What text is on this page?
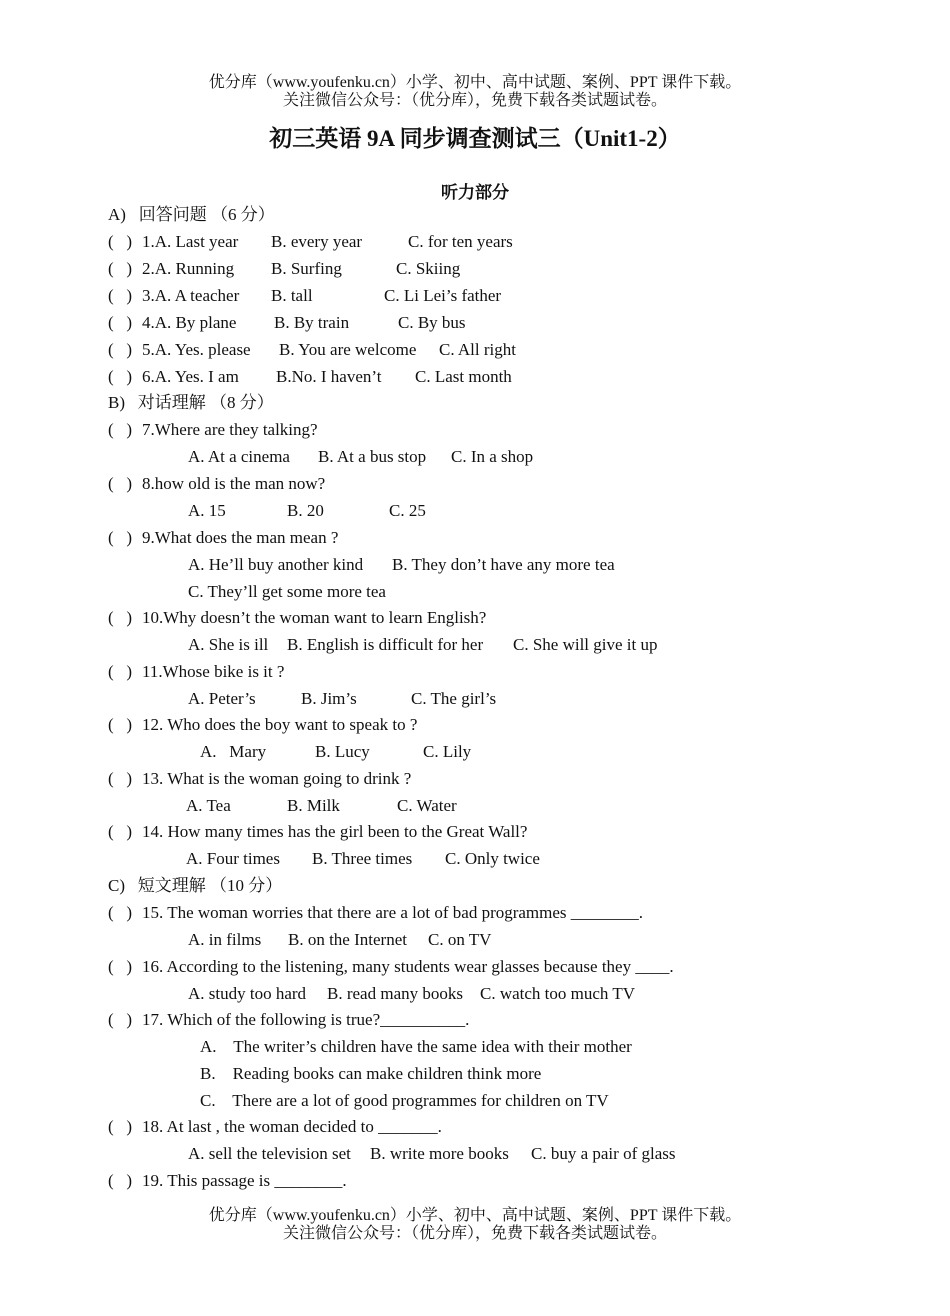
优分库（www.youfenku.cn）小学、初中、高中试题、案例、PPT 课件下载。
关注微信公众号：（优分库），免费下载各类试题试卷。
初三英语 9A 同步调查测试三（Unit1-2）
听力部分
A)   回答问题 （6 分）
(   ) 1.A. Last year B. every year	C. for ten years
(   ) 2.A. Running B. Surfing	C. Skiing
(   ) 3.A. A teacher B. tall	C. Li Lei’s father
(   ) 4.A. By plane B. By train	C. By bus
(   ) 5.A. Yes. please B. You are welcome C. All right
(   ) 6.A. Yes. I am B.No. I haven’t C. Last month
B)   对话理解 （8 分）
(   ) 7.Where are they talking?
A. At a cinema B. At a bus stop C. In a shop
(   ) 8.how old is the man now?
A. 15	B. 20	C. 25
(   ) 9.What does the man mean ?
A. He’ll buy another kind B. They don’t have any more tea
C. They’ll get some more tea
(   ) 10.Why doesn’t the woman want to learn English?
A. She is ill B. English is difficult for her C. She will give it up
(   ) 11.Whose bike is it ?
A. Peter’s	B. Jim’s	C. The girl’s
(   ) 12. Who does the boy want to speak to ?
A.   Mary	B. Lucy	C. Lily
(   ) 13. What is the woman going to drink ?
A. Tea	B. Milk	C. Water
(   ) 14. How many times has the girl been to the Great Wall?
A. Four times B. Three times C. Only twice
C)   短文理解 （10 分）
(   ) 15. The woman worries that there are a lot of bad programmes ________.
A. in films B. on the Internet C. on TV
(   ) 16. According to the listening, many students wear glasses because they ____.
A. study too hard B. read many books C. watch too much TV
(   ) 17. Which of the following is true?__________.
A.    The writer’s children have the same idea with their mother
B.    Reading books can make children think more
C.    There are a lot of good programmes for children on TV
(   ) 18. At last , the woman decided to _______.
A. sell the television set B. write more books C. buy a pair of glass
(   ) 19. This passage is ________.
优分库（www.youfenku.cn）小学、初中、高中试题、案例、PPT 课件下载。
关注微信公众号：（优分库），免费下载各类试题试卷。
